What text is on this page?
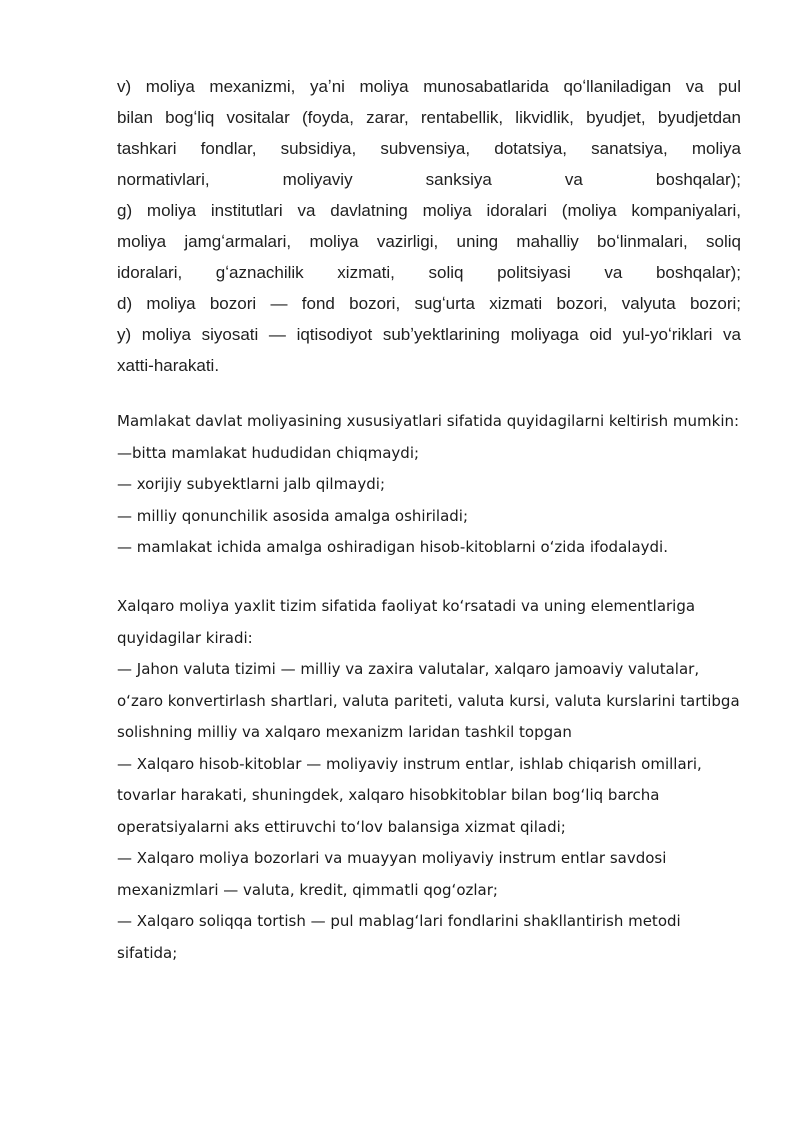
v) moliya mexanizmi, yaʼni moliya munosabatlarida qoʻllaniladigan va pul

bilan bogʻliq vositalar (foyda, zarar, rentabellik, likvidlik, byudjet, byudjetdan

tashkari fondlar, subsidiya, subvensiya, dotatsiya, sanatsiya, moliya

normativlari, moliyaviy sanksiya va boshqalar);

g) moliya institutlari va davlatning moliya idoralari (moliya kompaniyalari,

moliya jamgʻarmalari, moliya vazirligi, uning mahalliy boʻlinmalari, soliq

idoralari, gʻaznachilik xizmati, soliq politsiyasi va boshqalar);

d) moliya bozori — fond bozori, sugʻurta xizmati bozori, valyuta bozori;

y) moliya siyosati — iqtisodiyot subʼyektlarining moliyaga oid yul-yoʻriklari va

xatti-harakati.

Mamlakat davlat moliyasining xususiyatlari sifatida quyidagilarni keltirish mumkin:

—bitta mamlakat hududidan chiqmaydi;

— xorijiy subyektlarni jalb qilmaydi;

— milliy qonunchilik asosida amalga oshiriladi;

— mamlakat ichida amalga oshiradigan hisob-kitoblarni oʻzida ifodalaydi.

Xalqaro moliya yaxlit tizim sifatida faoliyat koʻrsatadi va uning elementlariga

quyidagilar kiradi:

— Jahon valuta tizimi — milliy va zaxira valutalar, xalqaro jamoaviy valutalar,

oʻzaro konvertirlash shartlari, valuta pariteti, valuta kursi, valuta kurslarini tartibga

solishning milliy va xalqaro mexanizm laridan tashkil topgan

— Xalqaro hisob-kitoblar — moliyaviy instrum entlar, ishlab chiqarish omillari,

tovarlar harakati, shuningdek, xalqaro hisobkitoblar bilan bogʻliq barcha

operatsiyalarni aks ettiruvchi toʻlov balansiga xizmat qiladi;

— Xalqaro moliya bozorlari va muayyan moliyaviy instrum entlar savdosi

mexanizmlari — valuta, kredit, qimmatli qogʻozlar;

— Xalqaro soliqqa tortish — pul mablagʻlari fondlarini shakllantirish metodi

sifatida;
